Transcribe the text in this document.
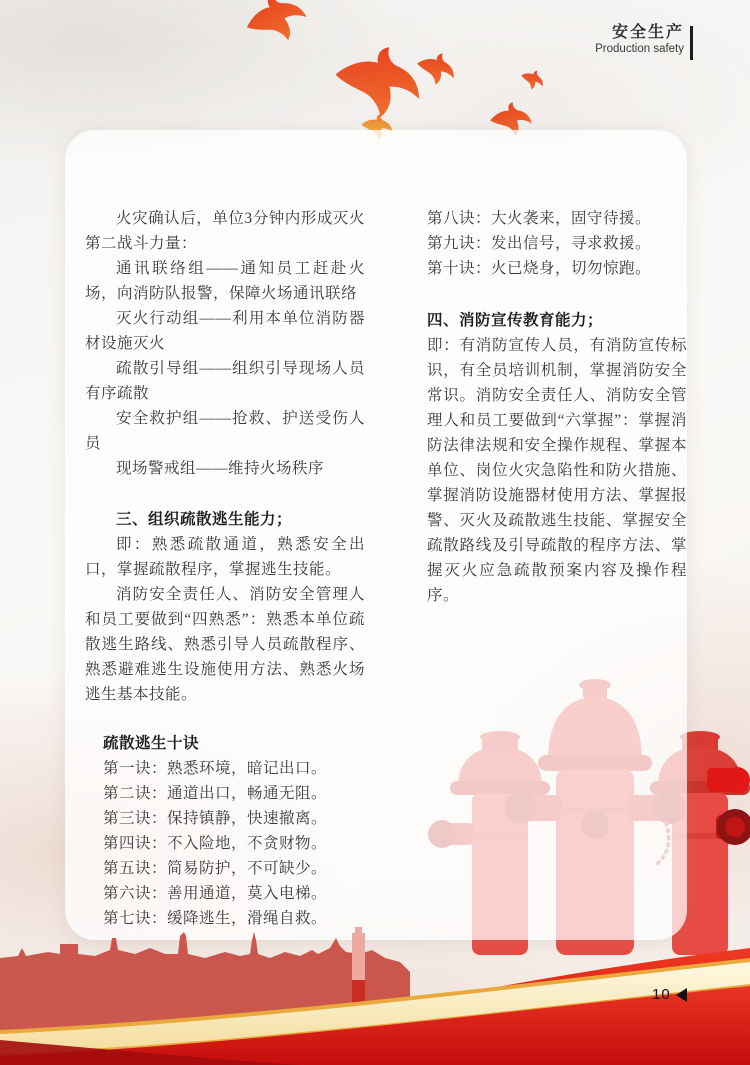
安全生产
Production safety

火灾确认后，单位3分钟内形成灭火第二战斗力量：

通讯联络组——通知员工赶赴火场，向消防队报警，保障火场通讯联络

灭火行动组——利用本单位消防器材设施灭火

疏散引导组——组织引导现场人员有序疏散

安全救护组——抢救、护送受伤人员

现场警戒组——维持火场秩序

三、组织疏散逃生能力；

即：熟悉疏散通道，熟悉安全出口，掌握疏散程序，掌握逃生技能。

消防安全责任人、消防安全管理人和员工要做到“四熟悉”：熟悉本单位疏散逃生路线、熟悉引导人员疏散程序、熟悉避难逃生设施使用方法、熟悉火场逃生基本技能。

疏散逃生十诀

第一诀：熟悉环境，暗记出口。

第二诀：通道出口，畅通无阻。

第三诀：保持镇静，快速撤离。

第四诀：不入险地，不贪财物。

第五诀：简易防护，不可缺少。

第六诀：善用通道，莫入电梯。

第七诀：缓降逃生，滑绳自救。

第八诀：大火袭来，固守待援。

第九诀：发出信号，寻求救援。

第十诀：火已烧身，切勿惊跑。

四、消防宣传教育能力；

即：有消防宣传人员，有消防宣传标识，有全员培训机制，掌握消防安全常识。消防安全责任人、消防安全管理人和员工要做到“六掌握”：掌握消防法律法规和安全操作规程、掌握本单位、岗位火灾急陷性和防火措施、掌握消防设施器材使用方法、掌握报警、灭火及疏散逃生技能、掌握安全疏散路线及引导疏散的程序方法、掌握灭火应急疏散预案内容及操作程序。

10
